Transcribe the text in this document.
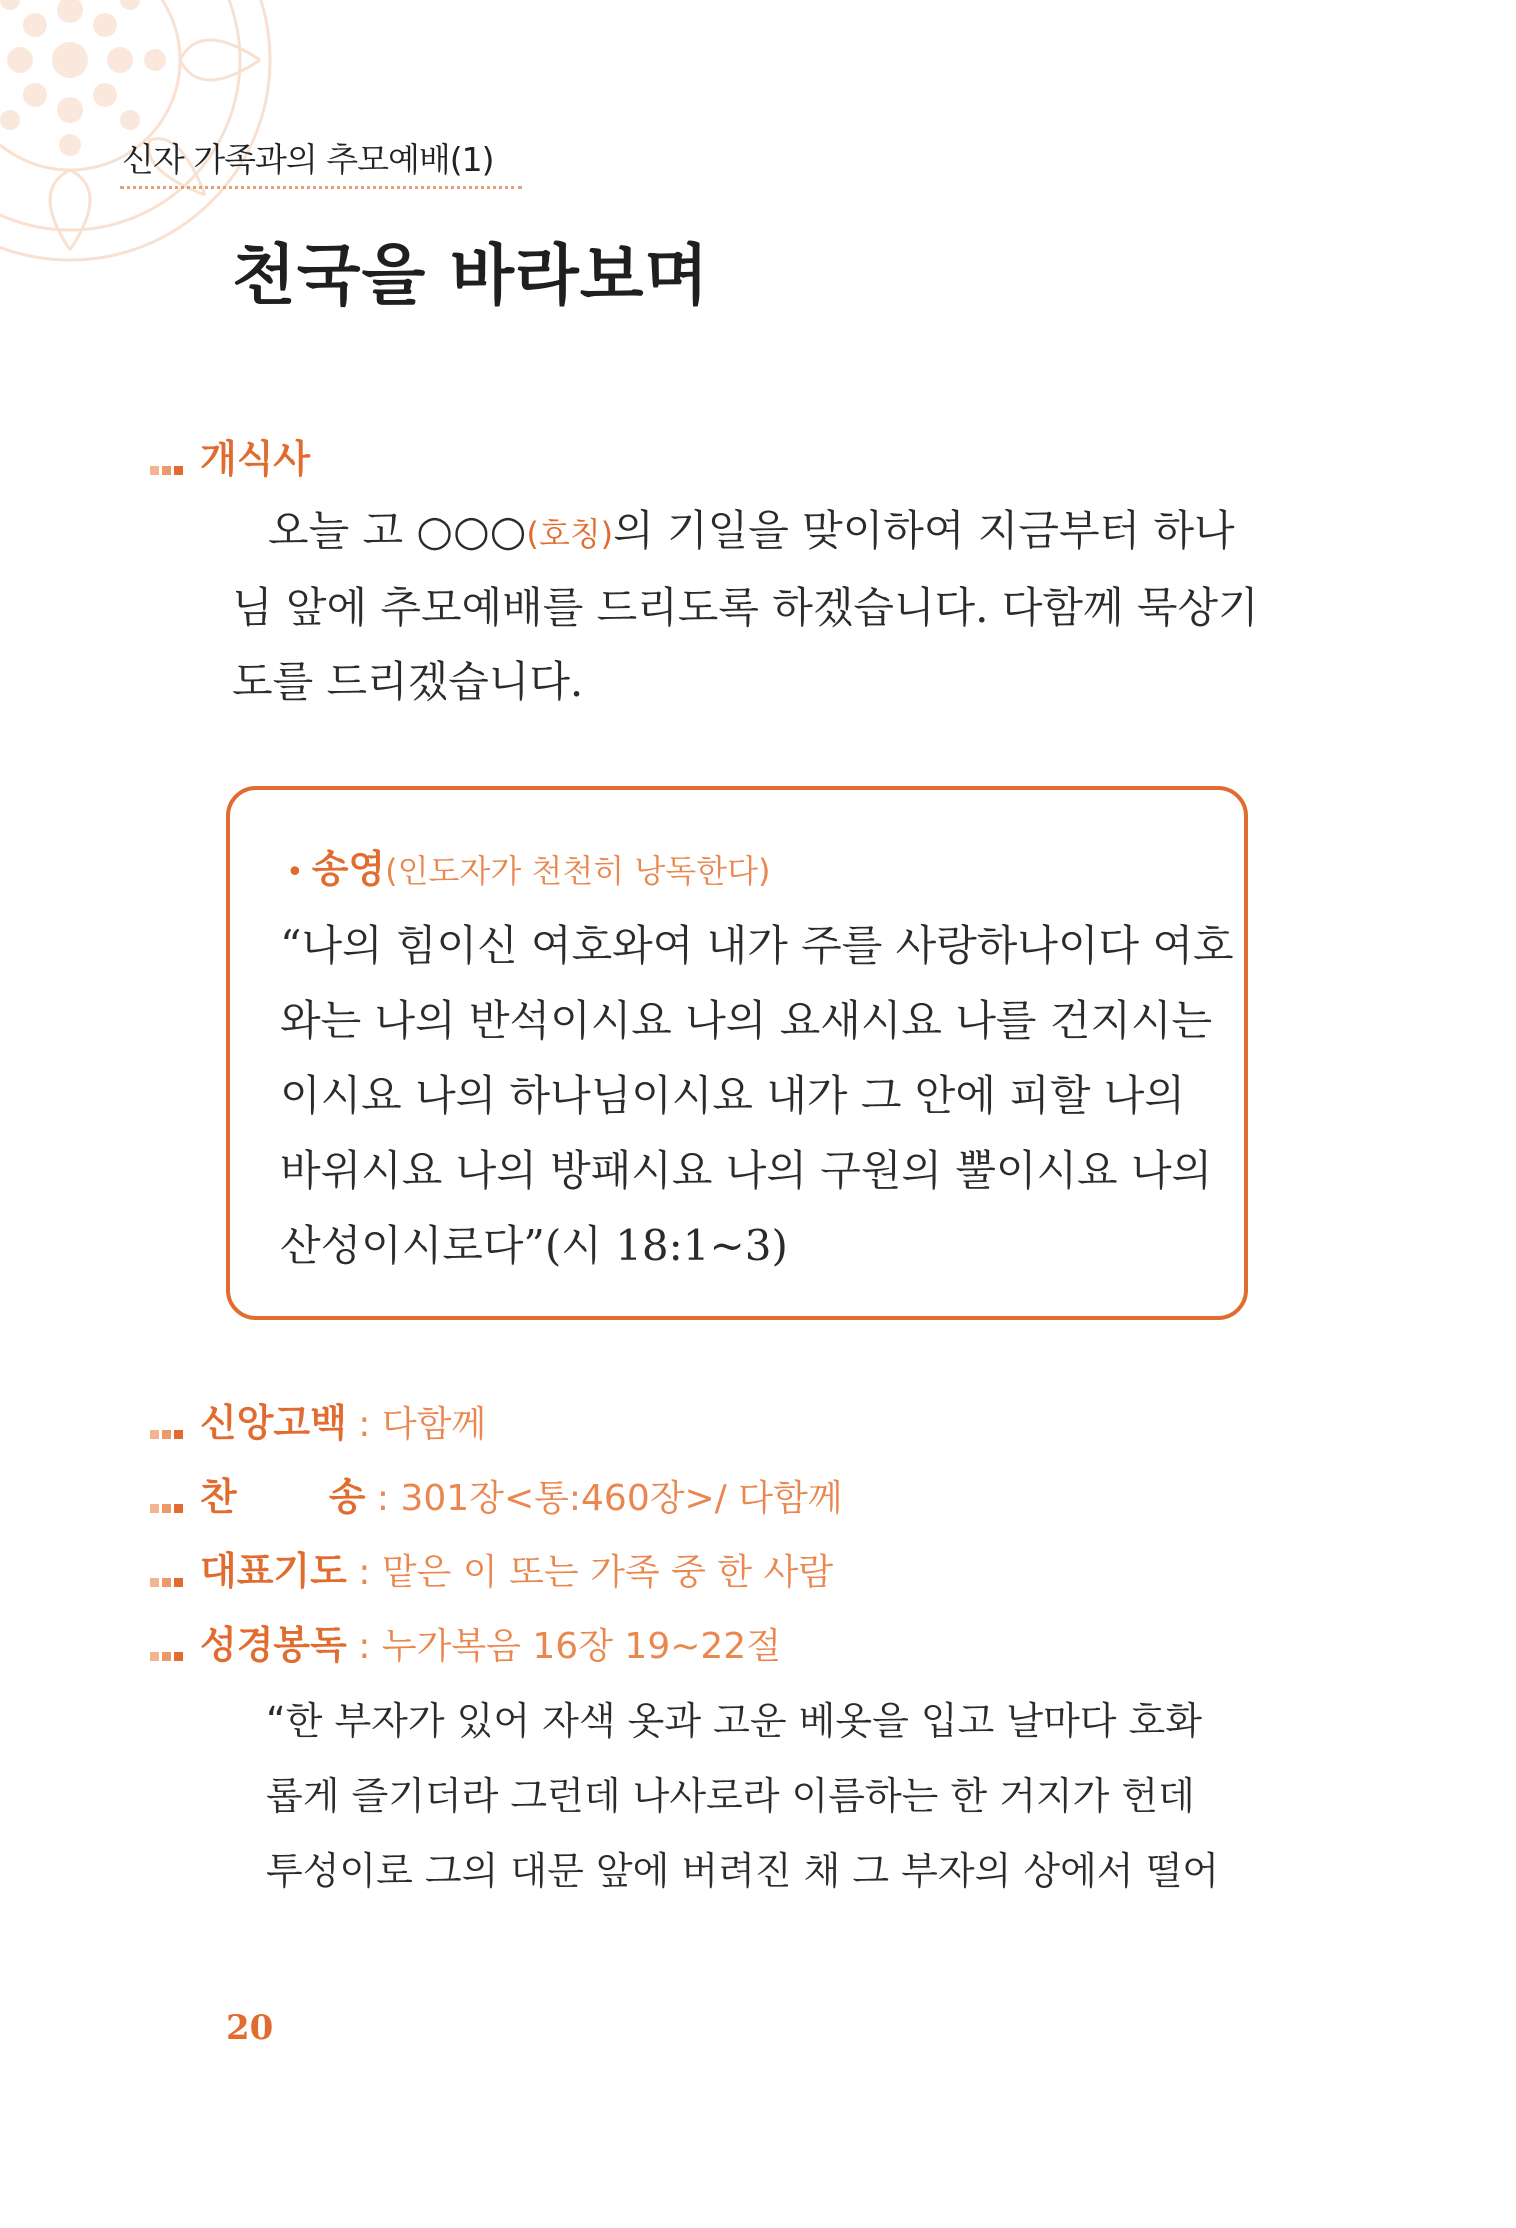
신자 가족과의 추모예배(1)
천국을 바라보며
개식사
오늘 고 ○○○(호칭)의 기일을 맞이하여 지금부터 하나
님 앞에 추모예배를 드리도록 하겠습니다. 다함께 묵상기
도를 드리겠습니다.
• 송영(인도자가 천천히 낭독한다)
“나의 힘이신 여호와여 내가 주를 사랑하나이다 여호
와는 나의 반석이시요 나의 요새시요 나를 건지시는
이시요 나의 하나님이시요 내가 그 안에 피할 나의
바위시요 나의 방패시요 나의 구원의 뿔이시요 나의
산성이시로다”(시 18:1~3)
신앙고백 : 다함께
찬 송 : 301장<통:460장>/ 다함께
대표기도 : 맡은 이 또는 가족 중 한 사람
성경봉독 : 누가복음 16장 19~22절
“한 부자가 있어 자색 옷과 고운 베옷을 입고 날마다 호화
롭게 즐기더라 그런데 나사로라 이름하는 한 거지가 헌데
투성이로 그의 대문 앞에 버려진 채 그 부자의 상에서 떨어
20
